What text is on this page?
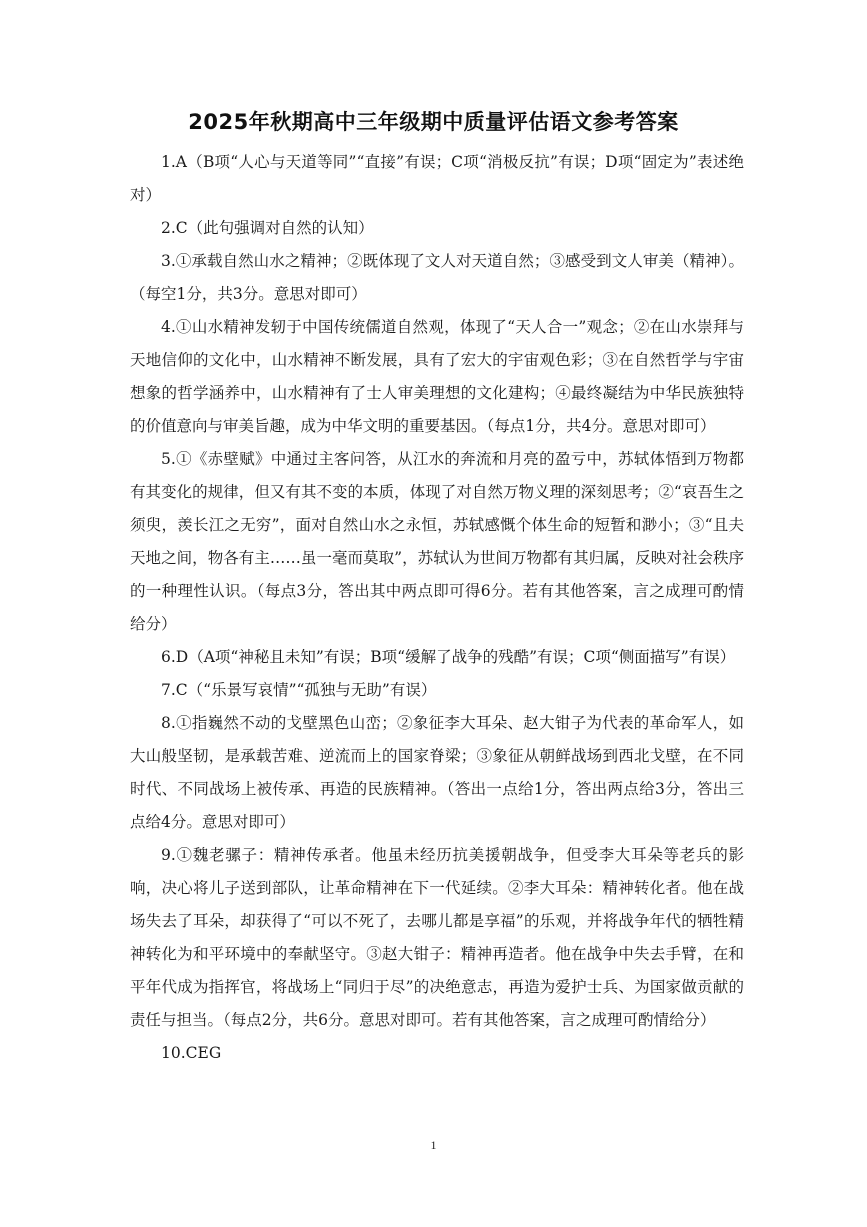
2025年秋期高中三年级期中质量评估语文参考答案

1.A（B项“人心与天道等同”“直接”有误；C项“消极反抗”有误；D项“固定为”表述绝对）

2.C（此句强调对自然的认知）

3.①承载自然山水之精神；②既体现了文人对天道自然；③感受到文人审美（精神）。（每空1分，共3分。意思对即可）

4.①山水精神发轫于中国传统儒道自然观，体现了“天人合一”观念；②在山水崇拜与天地信仰的文化中，山水精神不断发展，具有了宏大的宇宙观色彩；③在自然哲学与宇宙想象的哲学涵养中，山水精神有了士人审美理想的文化建构；④最终凝结为中华民族独特的价值意向与审美旨趣，成为中华文明的重要基因。（每点1分，共4分。意思对即可）

5.①《赤壁赋》中通过主客问答，从江水的奔流和月亮的盈亏中，苏轼体悟到万物都有其变化的规律，但又有其不变的本质，体现了对自然万物义理的深刻思考；②“哀吾生之须臾，羡长江之无穷”，面对自然山水之永恒，苏轼感慨个体生命的短暂和渺小；③“且夫天地之间，物各有主……虽一毫而莫取”，苏轼认为世间万物都有其归属，反映对社会秩序的一种理性认识。（每点3分，答出其中两点即可得6分。若有其他答案，言之成理可酌情给分）

6.D（A项“神秘且未知”有误；B项“缓解了战争的残酷”有误；C项“侧面描写”有误）

7.C（“乐景写哀情”“孤独与无助”有误）

8.①指巍然不动的戈壁黑色山峦；②象征李大耳朵、赵大钳子为代表的革命军人，如大山般坚韧，是承载苦难、逆流而上的国家脊梁；③象征从朝鲜战场到西北戈壁，在不同时代、不同战场上被传承、再造的民族精神。（答出一点给1分，答出两点给3分，答出三点给4分。意思对即可）

9.①魏老骡子：精神传承者。他虽未经历抗美援朝战争，但受李大耳朵等老兵的影响，决心将儿子送到部队，让革命精神在下一代延续。②李大耳朵：精神转化者。他在战场失去了耳朵，却获得了“可以不死了，去哪儿都是享福”的乐观，并将战争年代的牺牲精神转化为和平环境中的奉献坚守。③赵大钳子：精神再造者。他在战争中失去手臂，在和平年代成为指挥官，将战场上“同归于尽”的决绝意志，再造为爱护士兵、为国家做贡献的责任与担当。（每点2分，共6分。意思对即可。若有其他答案，言之成理可酌情给分）

10.CEG

1
